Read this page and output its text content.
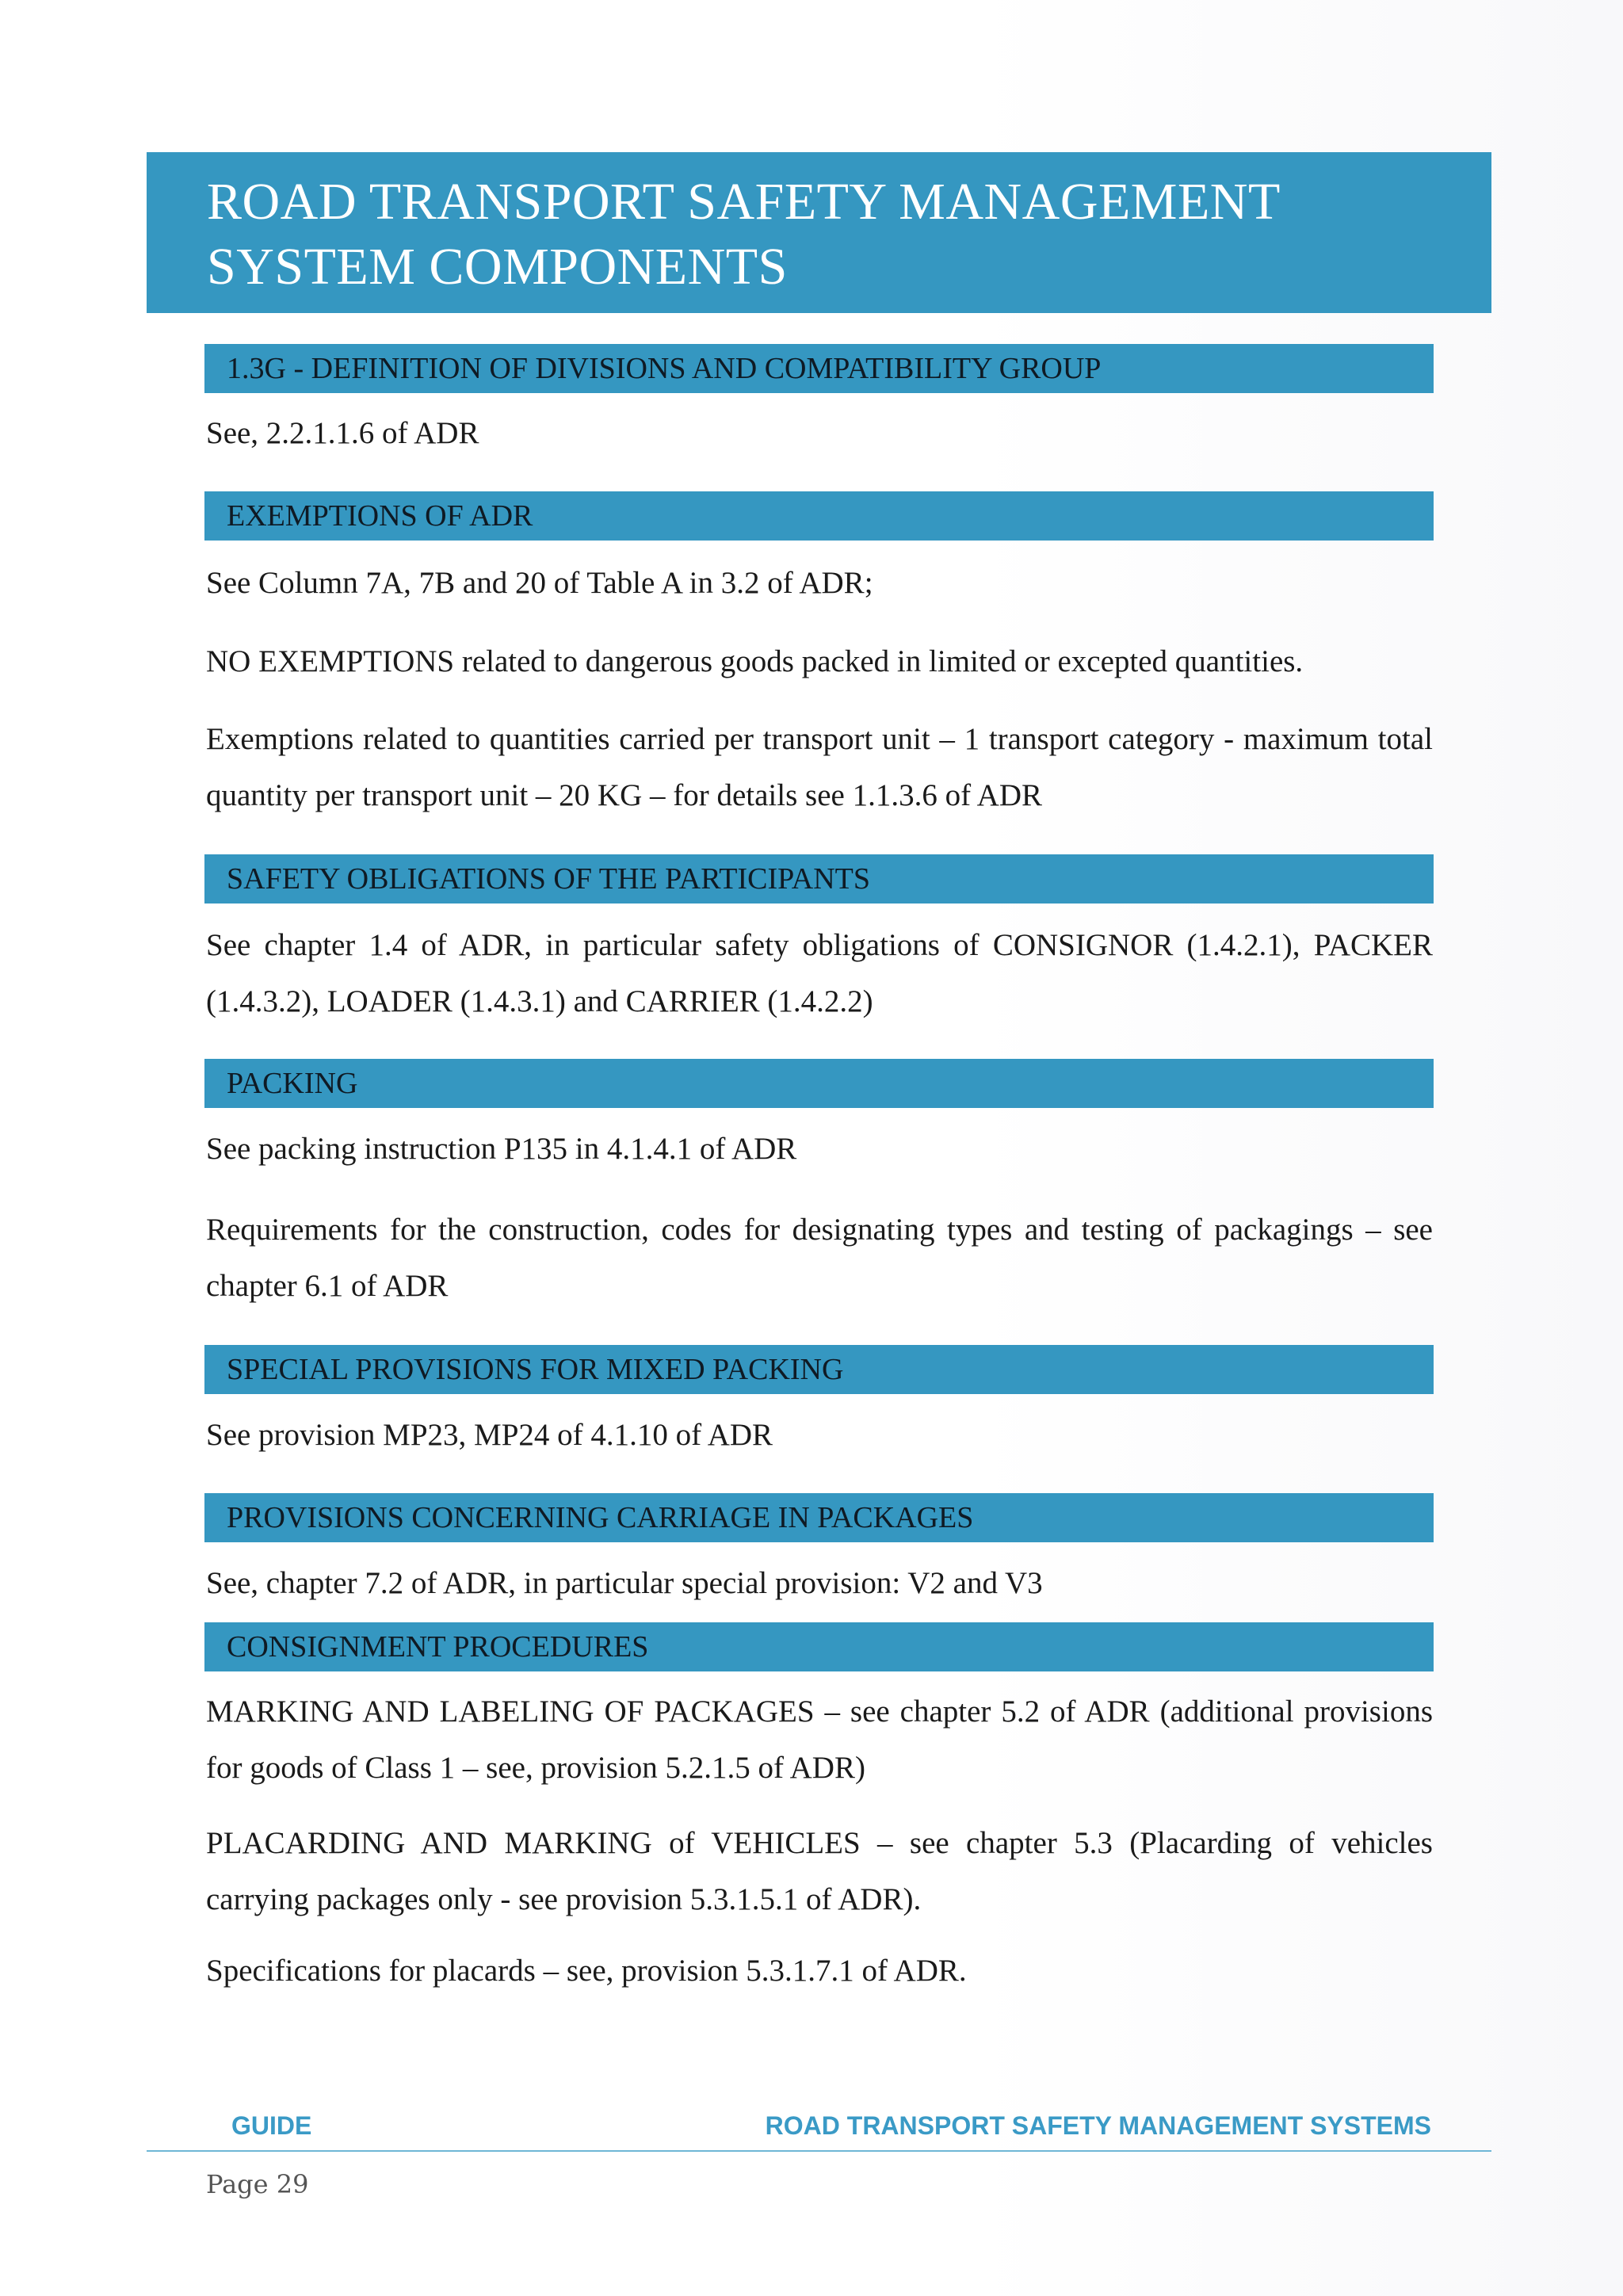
ROAD TRANSPORT SAFETY MANAGEMENT
SYSTEM COMPONENTS
1.3G - DEFINITION OF DIVISIONS AND COMPATIBILITY GROUP

See, 2.2.1.1.6 of ADR

EXEMPTIONS OF ADR

See Column 7A, 7B and 20 of Table A in 3.2 of ADR;

NO EXEMPTIONS related to dangerous goods packed in limited or excepted quantities.

Exemptions related to quantities carried per transport unit – 1 transport category - maximum total quantity per transport unit – 20 KG – for details see 1.1.3.6 of ADR

SAFETY OBLIGATIONS OF THE PARTICIPANTS

See chapter 1.4 of ADR, in particular safety obligations of CONSIGNOR (1.4.2.1), PACKER (1.4.3.2), LOADER (1.4.3.1) and CARRIER (1.4.2.2)

PACKING

See packing instruction P135 in 4.1.4.1 of ADR

Requirements for the construction, codes for designating types and testing of packagings – see chapter 6.1 of ADR

SPECIAL PROVISIONS FOR MIXED PACKING

See provision MP23, MP24 of 4.1.10 of ADR

PROVISIONS CONCERNING CARRIAGE IN PACKAGES

See, chapter 7.2 of ADR, in particular special provision: V2 and V3

CONSIGNMENT PROCEDURES

MARKING AND LABELING OF PACKAGES – see chapter 5.2 of ADR (additional provisions for goods of Class 1 – see, provision 5.2.1.5 of ADR)

PLACARDING AND MARKING of VEHICLES – see chapter 5.3 (Placarding of vehicles carrying packages only - see provision 5.3.1.5.1 of ADR).

Specifications for placards – see, provision 5.3.1.7.1 of ADR.

GUIDE	ROAD TRANSPORT SAFETY MANAGEMENT SYSTEMS
Page 29
